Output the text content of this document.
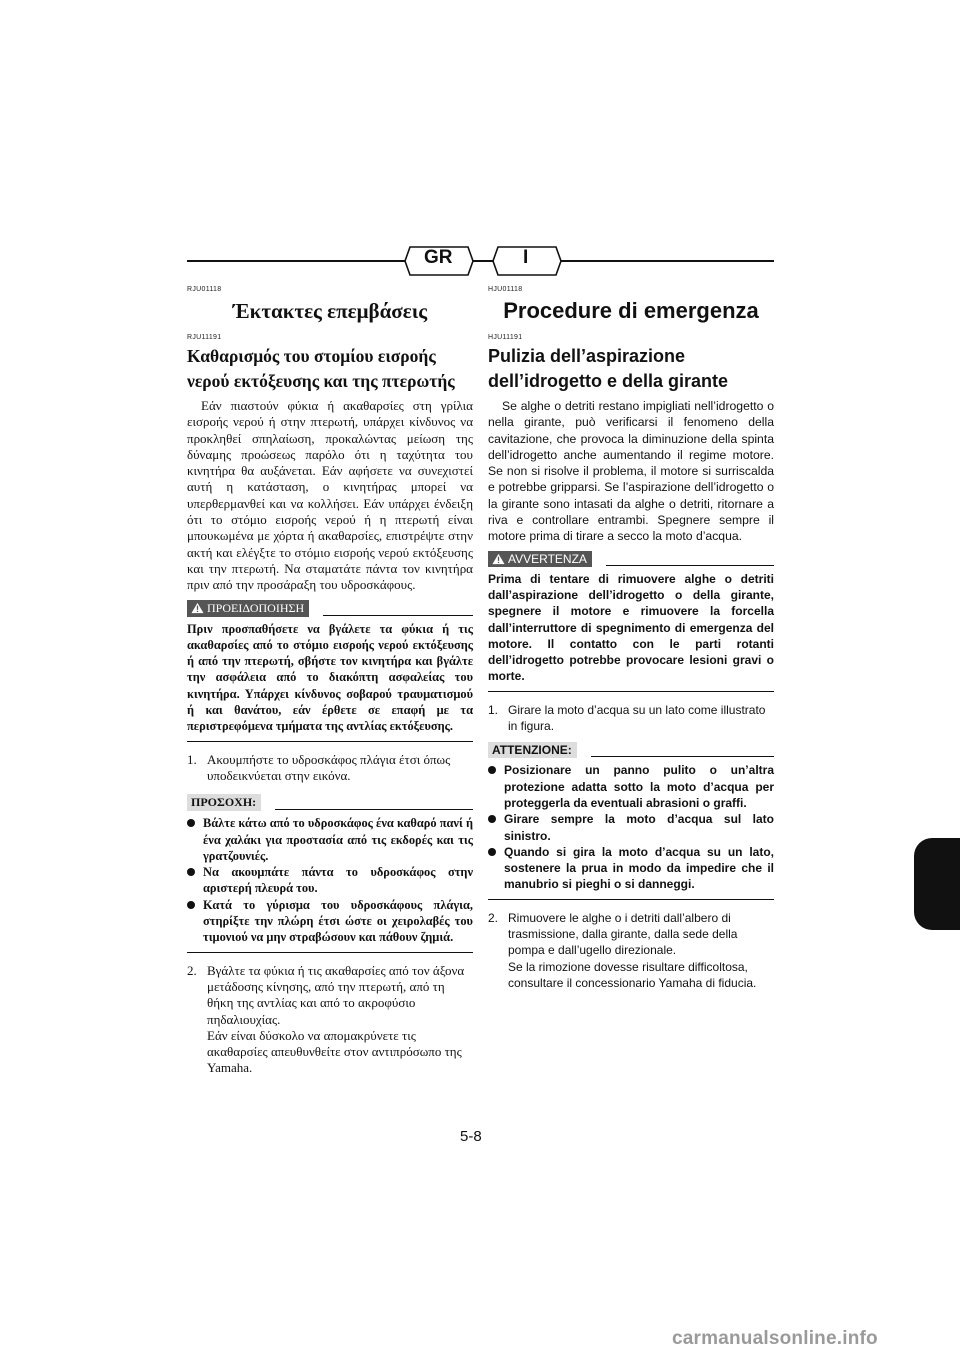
GR	I

RJU01118

Έκτακτες επεμβάσεις

RJU11191

Καθαρισμός του στομίου εισροής νερού εκτόξευσης και της πτερωτής

Εάν πιαστούν φύκια ή ακαθαρσίες στη γρίλια εισροής νερού ή στην πτερωτή, υπάρχει κίνδυνος να προκληθεί σπηλαίωση, προκαλώντας μείωση της δύναμης προώσεως παρόλο ότι η ταχύτητα του κινητήρα θα αυξάνεται. Εάν αφήσετε να συνεχιστεί αυτή η κατάσταση, ο κινητήρας μπορεί να υπερθερμανθεί και να κολλήσει. Εάν υπάρχει ένδειξη ότι το στόμιο εισροής νερού ή η πτερωτή είναι μπουκωμένα με χόρτα ή ακαθαρσίες, επιστρέψτε στην ακτή και ελέγξτε το στόμιο εισροής νερού εκτόξευσης και την πτερωτή. Να σταματάτε πάντα τον κινητήρα πριν από την προσάραξη του υδροσκάφους.

ΠΡΟΕΙΔΟΠΟΙΗΣΗ

Πριν προσπαθήσετε να βγάλετε τα φύκια ή τις ακαθαρσίες από το στόμιο εισροής νερού εκτόξευσης ή από την πτερωτή, σβήστε τον κινητήρα και βγάλτε την ασφάλεια από το διακόπτη ασφαλείας του κινητήρα. Υπάρχει κίνδυνος σοβαρού τραυματισμού ή και θανάτου, εάν έρθετε σε επαφή με τα περιστρεφόμενα τμήματα της αντλίας εκτόξευσης.

1. Ακουμπήστε το υδροσκάφος πλάγια έτσι όπως υποδεικνύεται στην εικόνα.
ΠΡΟΣΟΧΗ:
Βάλτε κάτω από το υδροσκάφος ένα καθαρό πανί ή ένα χαλάκι για προστασία από τις εκδορές και τις γρατζουνιές.
Να ακουμπάτε πάντα το υδροσκάφος στην αριστερή πλευρά του.
Κατά το γύρισμα του υδροσκάφους πλάγια, στηρίξτε την πλώρη έτσι ώστε οι χειρολαβές του τιμονιού να μην στραβώσουν και πάθουν ζημιά.
2. Βγάλτε τα φύκια ή τις ακαθαρσίες από τον άξονα μετάδοσης κίνησης, από την πτερωτή, από τη θήκη της αντλίας και από το ακροφύσιο πηδαλιουχίας.
Εάν είναι δύσκολο να απομακρύνετε τις ακαθαρσίες απευθυνθείτε στον αντιπρόσωπο της Yamaha.

HJU01118

Procedure di emergenza

HJU11191

Pulizia dell’aspirazione dell’idrogetto e della girante

Se alghe o detriti restano impigliati nell’idrogetto o nella girante, può verificarsi il fenomeno della cavitazione, che provoca la diminuzione della spinta dell’idrogetto anche aumentando il regime motore. Se non si risolve il problema, il motore si surriscalda e potrebbe gripparsi. Se l’aspirazione dell’idrogetto o la girante sono intasati da alghe o detriti, ritornare a riva e controllare entrambi. Spegnere sempre il motore prima di tirare a secco la moto d’acqua.

AVVERTENZA

Prima di tentare di rimuovere alghe o detriti dall’aspirazione dell’idrogetto o della girante, spegnere il motore e rimuovere la forcella dall’interruttore di spegnimento di emergenza del motore. Il contatto con le parti rotanti dell’idrogetto potrebbe provocare lesioni gravi o morte.

1. Girare la moto d’acqua su un lato come illustrato in figura.
ATTENZIONE:
Posizionare un panno pulito o un’altra protezione adatta sotto la moto d’acqua per proteggerla da eventuali abrasioni o graffi.
Girare sempre la moto d’acqua sul lato sinistro.
Quando si gira la moto d’acqua su un lato, sostenere la prua in modo da impedire che il manubrio si pieghi o si danneggi.
2. Rimuovere le alghe o i detriti dall’albero di trasmissione, dalla girante, dalla sede della pompa e dall’ugello direzionale.
Se la rimozione dovesse risultare difficoltosa, consultare il concessionario Yamaha di fiducia.
5-8
carmanualsonline.info
